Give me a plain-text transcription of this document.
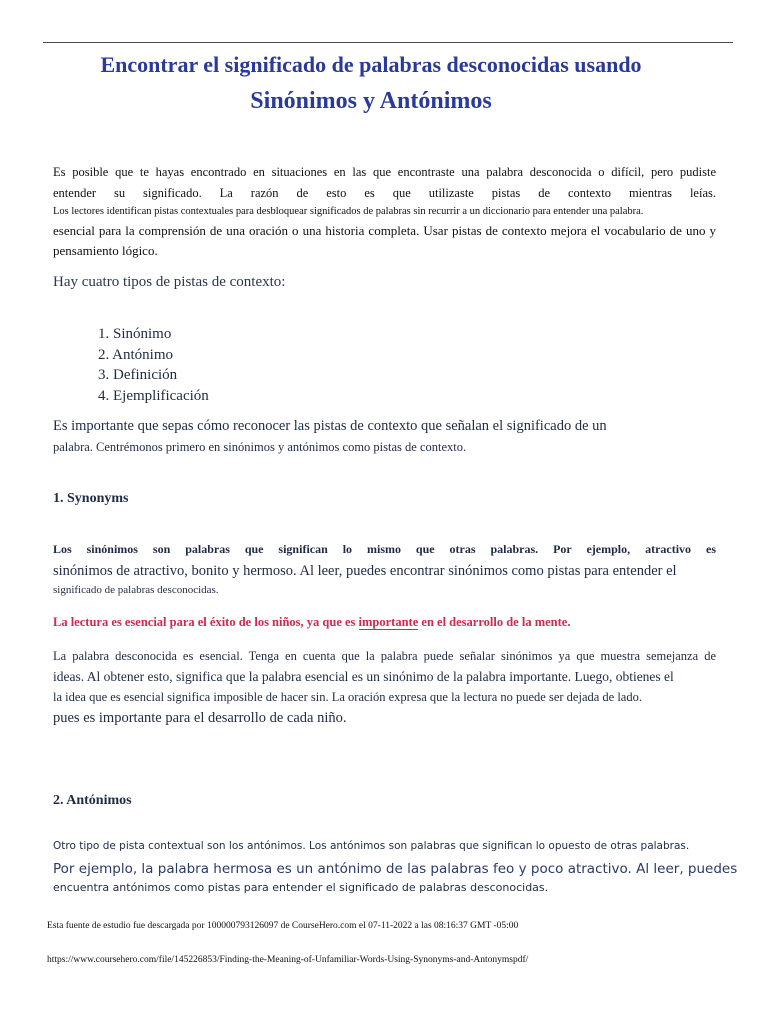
Encontrar el significado de palabras desconocidas usando
Sinónimos y Antónimos

Es posible que te hayas encontrado en situaciones en las que encontraste una palabra desconocida o difícil, pero pudiste

entender su significado. La razón de esto es que utilizaste pistas de contexto mientras leías.

Los lectores identifican pistas contextuales para desbloquear significados de palabras sin recurrir a un diccionario para entender una palabra.

esencial para la comprensión de una oración o una historia completa. Usar pistas de contexto mejora el vocabulario de uno y

pensamiento lógico.

Hay cuatro tipos de pistas de contexto:

1. Sinónimo
2. Antónimo
3. Definición
4. Ejemplificación

Es importante que sepas cómo reconocer las pistas de contexto que señalan el significado de un

palabra. Centrémonos primero en sinónimos y antónimos como pistas de contexto.

1. Synonyms

Los sinónimos son palabras que significan lo mismo que otras palabras. Por ejemplo, atractivo es

sinónimos de atractivo, bonito y hermoso. Al leer, puedes encontrar sinónimos como pistas para entender el

significado de palabras desconocidas.

La lectura es esencial para el éxito de los niños, ya que es importante en el desarrollo de la mente.

La palabra desconocida es esencial. Tenga en cuenta que la palabra puede señalar sinónimos ya que muestra semejanza de

ideas. Al obtener esto, significa que la palabra esencial es un sinónimo de la palabra importante. Luego, obtienes el

la idea que es esencial significa imposible de hacer sin. La oración expresa que la lectura no puede ser dejada de lado.

pues es importante para el desarrollo de cada niño.

2. Antónimos

Otro tipo de pista contextual son los antónimos. Los antónimos son palabras que significan lo opuesto de otras palabras.

Por ejemplo, la palabra hermosa es un antónimo de las palabras feo y poco atractivo. Al leer, puedes

encuentra antónimos como pistas para entender el significado de palabras desconocidas.

Esta fuente de estudio fue descargada por 100000793126097 de CourseHero.com el 07-11-2022 a las 08:16:37 GMT -05:00
https://www.coursehero.com/file/145226853/Finding-the-Meaning-of-Unfamiliar-Words-Using-Synonyms-and-Antonymspdf/
